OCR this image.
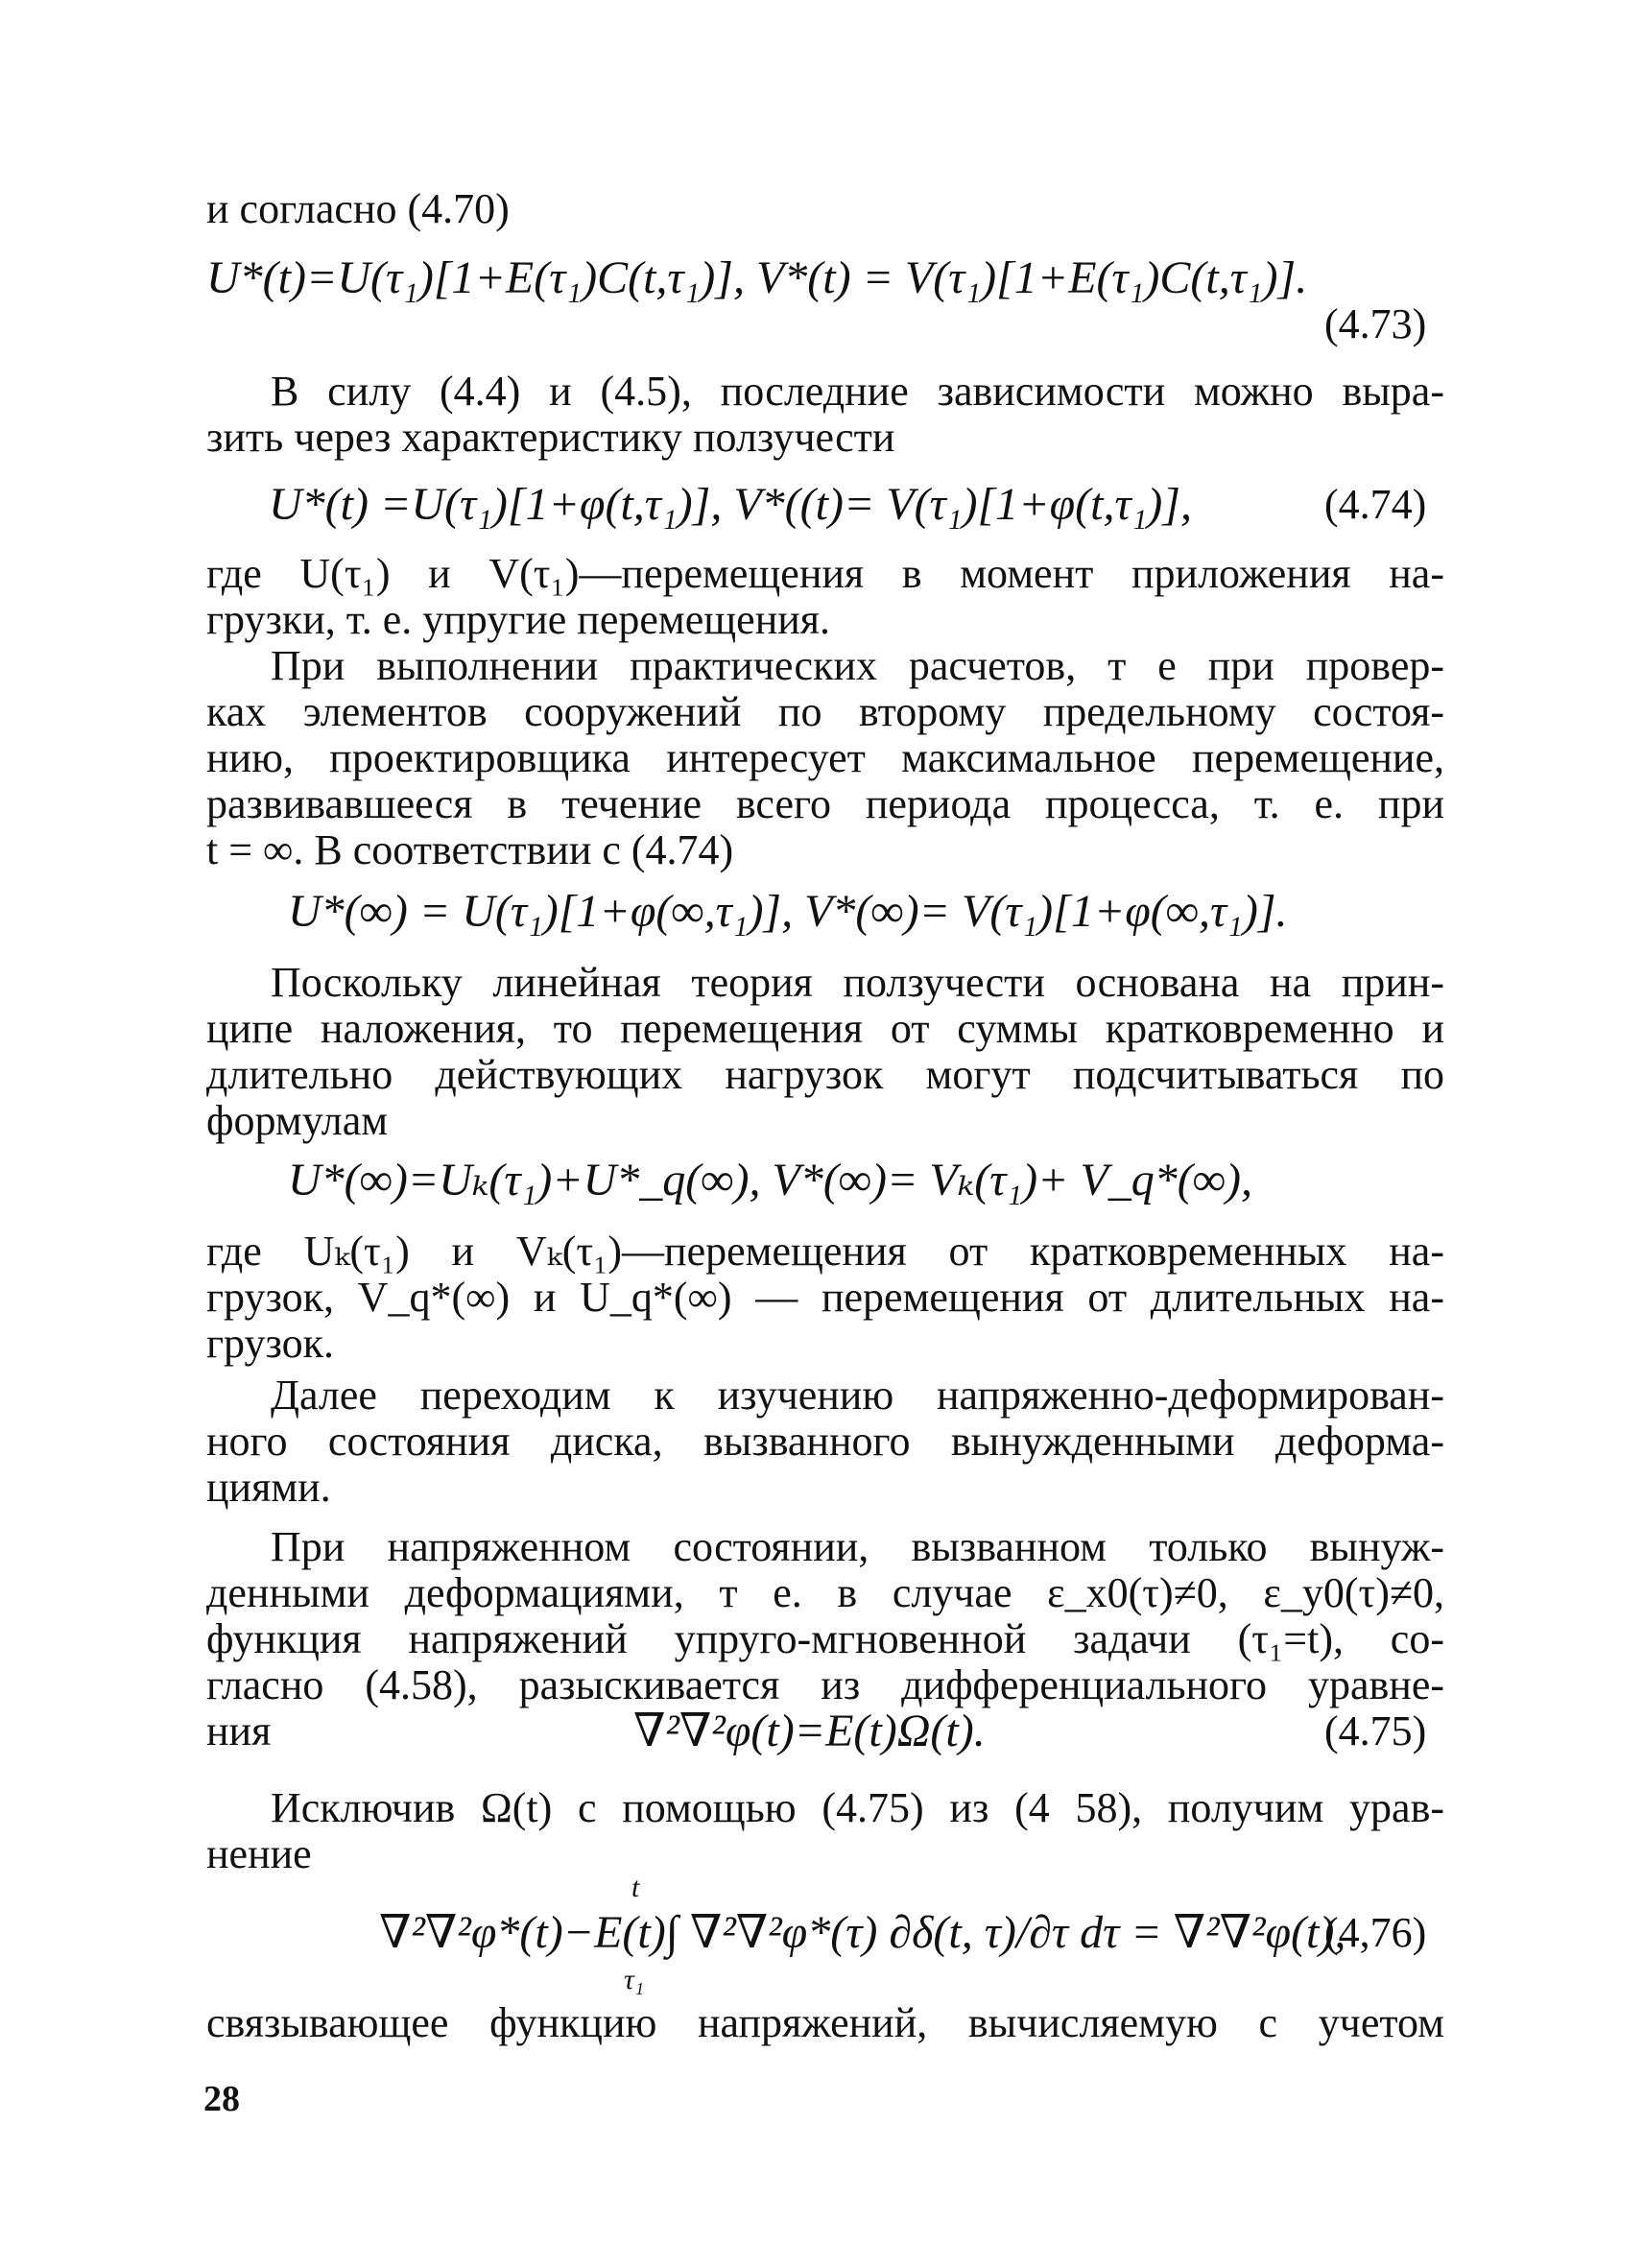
и согласно (4.70)
U*(t)=U(τ₁)[1+E(τ₁)C(t,τ₁)], V*(t) = V(τ₁)[1+E(τ₁)C(t,τ₁)].
(4.73)
В силу (4.4) и (4.5), последние зависимости можно выра-
зить через характеристику ползучести
U*(t) =U(τ₁)[1+φ(t,τ₁)], V*((t)= V(τ₁)[1+φ(t,τ₁)],	(4.74)
где U(τ₁) и V(τ₁)—перемещения в момент приложения на-
грузки, т. е. упругие перемещения.
При выполнении практических расчетов, т е при провер-
ках элементов сооружений по второму предельному состоя-
нию, проектировщика интересует максимальное перемещение,
развивавшееся в течение всего периода процесса, т. е. при
t = ∞. В соответствии с (4.74)
U*(∞) = U(τ₁)[1+φ(∞,τ₁)], V*(∞)= V(τ₁)[1+φ(∞,τ₁)].
Поскольку линейная теория ползучести основана на прин-
ципе наложения, то перемещения от суммы кратковременно и
длительно действующих нагрузок могут подсчитываться по
формулам
U*(∞)=Uₖ(τ₁)+U*_q(∞), V*(∞)= Vₖ(τ₁)+ V_q*(∞),
где Uₖ(τ₁) и Vₖ(τ₁)—перемещения от кратковременных на-
грузок, V_q*(∞) и U_q*(∞) — перемещения от длительных на-
грузок.
Далее переходим к изучению напряженно-деформирован-
ного состояния диска, вызванного вынужденными деформа-
циями.
При напряженном состоянии, вызванном только вынуж-
денными деформациями, т е. в случае ε_x0(τ)≠0, ε_y0(τ)≠0,
функция напряжений упруго-мгновенной задачи (τ₁=t), со-
гласно (4.58), разыскивается из дифференциального уравне-
ния	∇²∇²φ(t)=E(t)Ω(t).	(4.75)
Исключив Ω(t) с помощью (4.75) из (4 58), получим урав-
нение
t
∇²∇²φ*(t)−E(t)∫ ∇²∇²φ*(τ) ∂δ(t, τ)/∂τ dτ = ∇²∇²φ(t),
τ₁
(4,76)
связывающее функцию напряжений, вычисляемую с учетом
28
